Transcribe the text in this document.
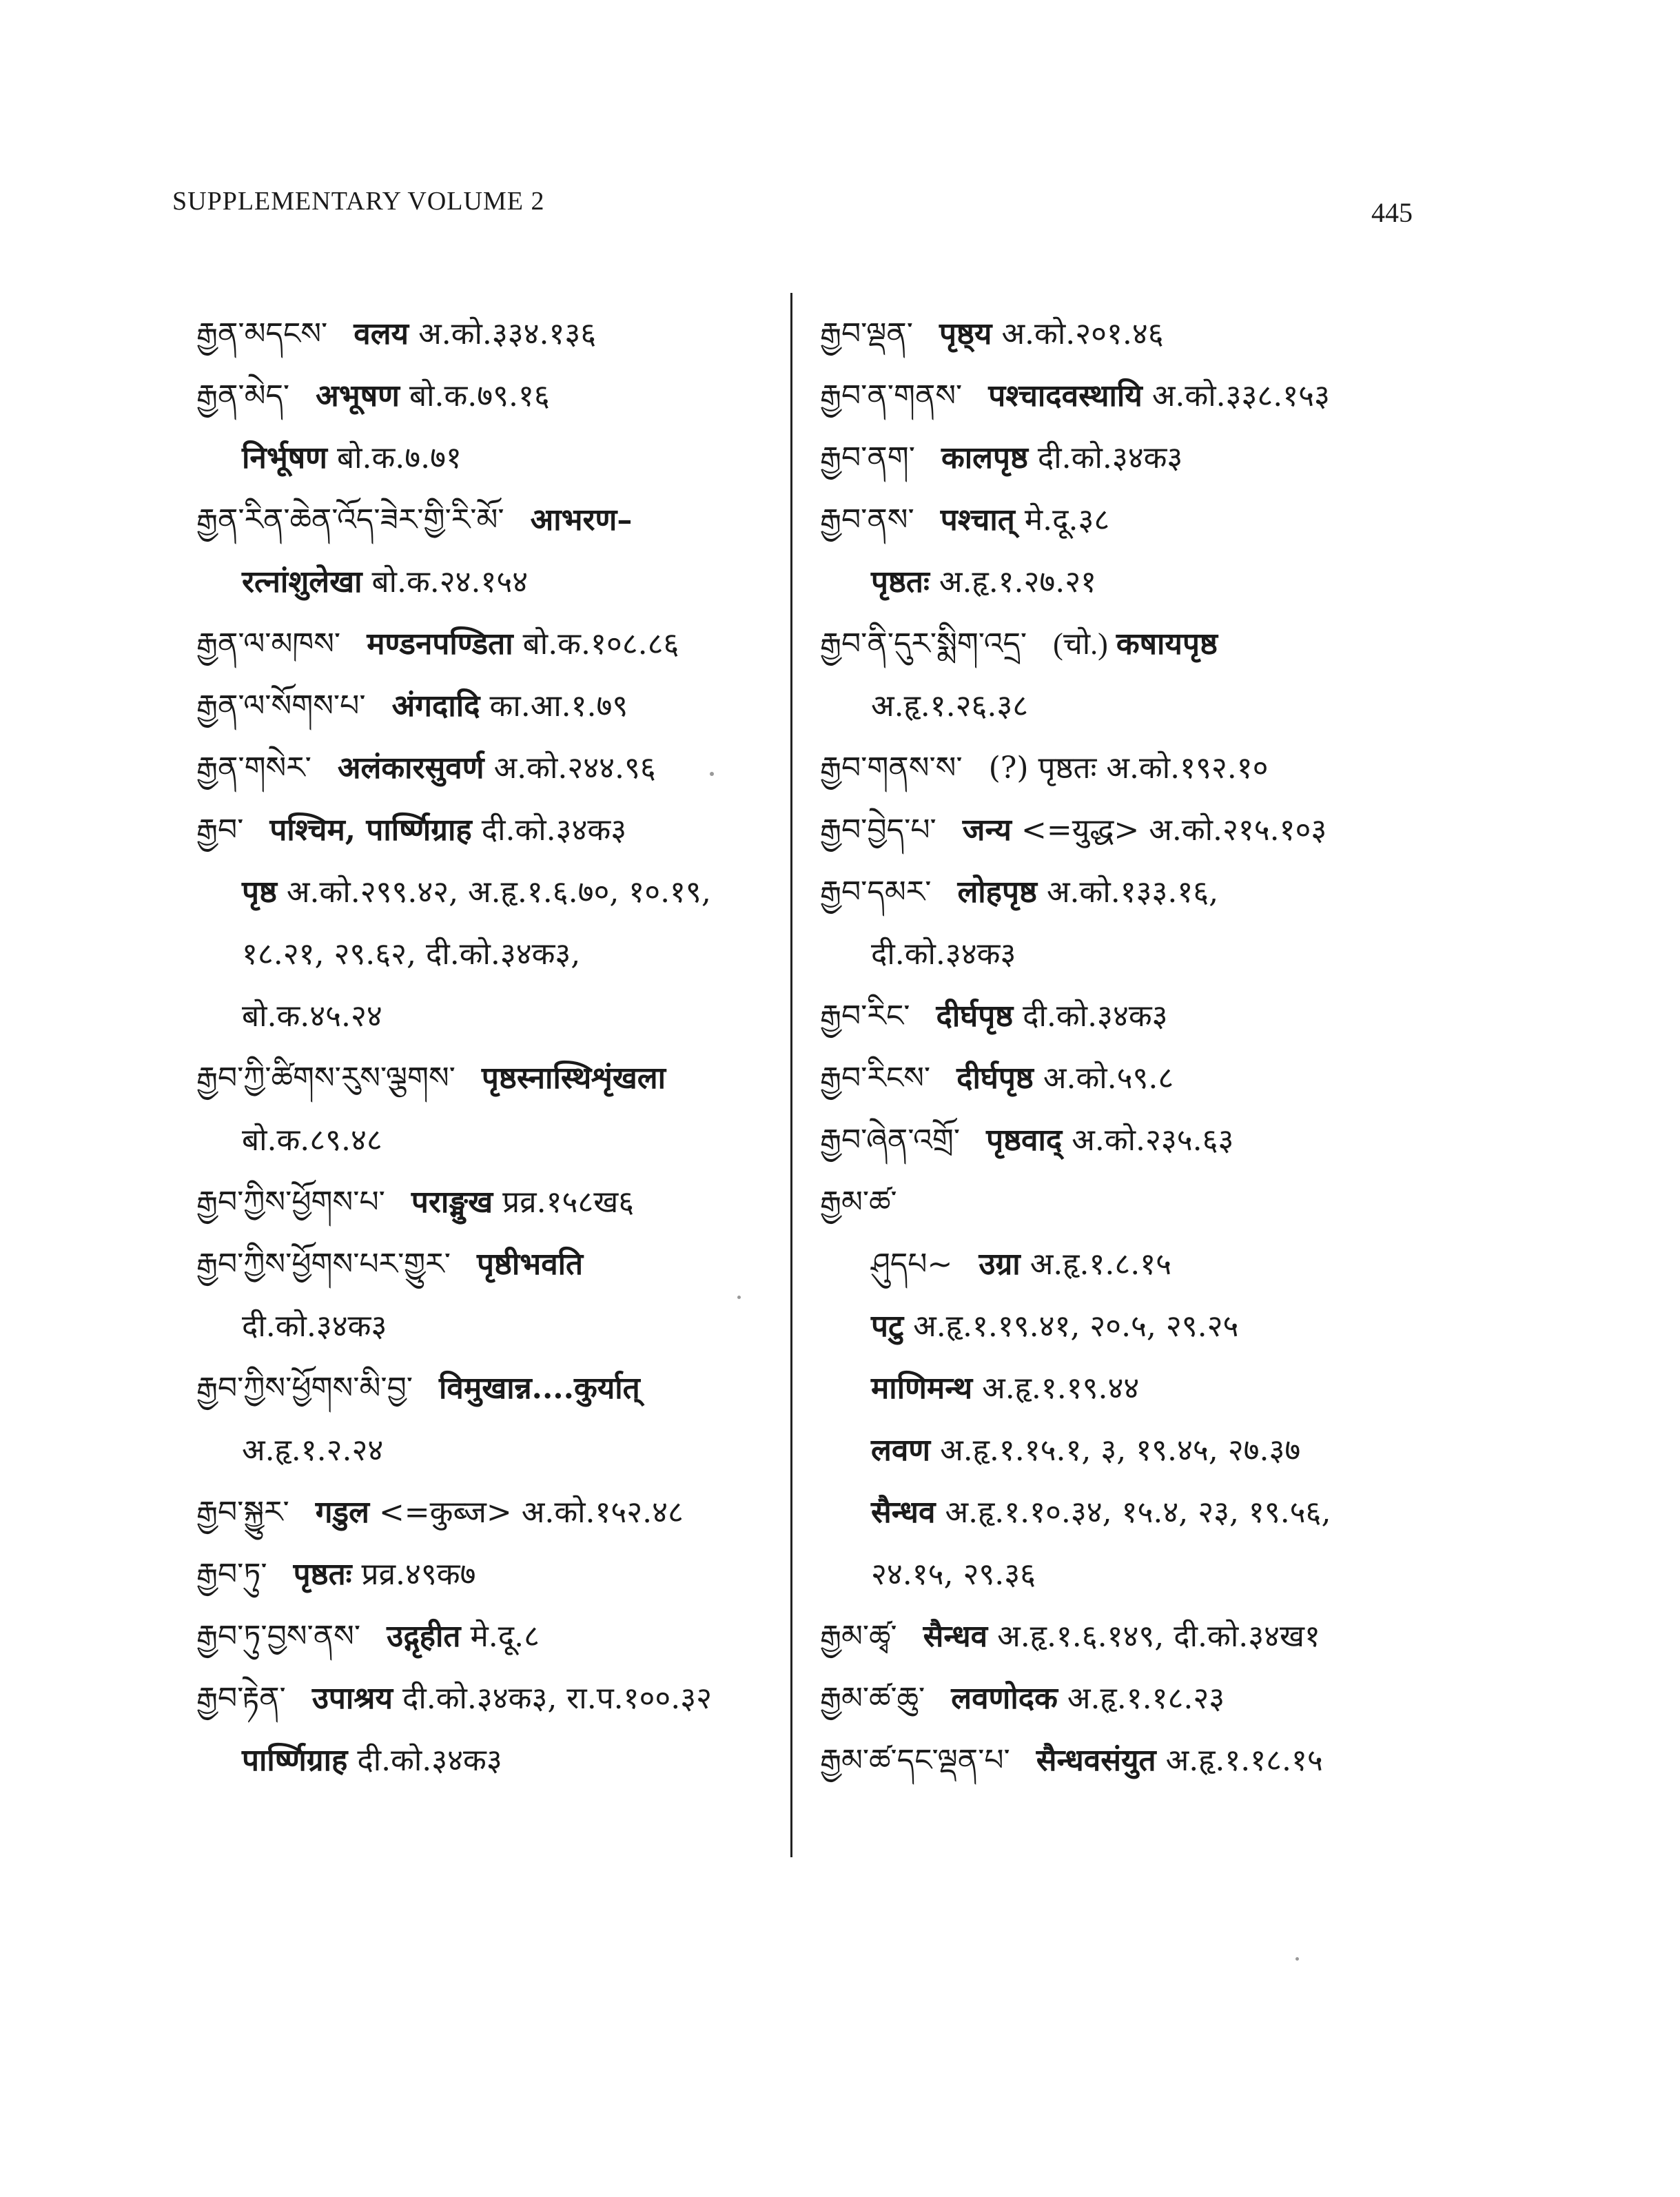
SUPPLEMENTARY VOLUME 2	445
རྒྱན་མདངས་ वलय अ.को.३३४.१३६
རྒྱན་མེད་ अभूषण बो.क.७९.१६
निर्भूषण बो.क.७.७१
རྒྱན་རིན་ཆེན་འོད་ཟེར་གྱི་རི་མོ་ आभरण–
रत्नांशुलेखा बो.क.२४.१५४
རྒྱན་ལ་མཁས་ मण्डनपण्डिता बो.क.१०८.८६
རྒྱན་ལ་སོགས་པ་ अंगदादि का.आ.१.७९
རྒྱན་གསེར་ अलंकारसुवर्ण अ.को.२४४.९६
རྒྱབ་ पश्चिम, पार्ष्णिग्राह दी.को.३४क३
पृष्ठ अ.को.२९९.४२, अ.हृ.१.६.७०, १०.१९,
१८.२१, २९.६२, दी.को.३४क३,
बो.क.४५.२४
རྒྱབ་ཀྱི་ཚིགས་རུས་ལྕགས་ पृष्ठस्नास्थिशृंखला
बो.क.८९.४८
རྒྱབ་ཀྱིས་ཕྱོགས་པ་ पराङ्मुख प्रव्र.१५८ख६
རྒྱབ་ཀྱིས་ཕྱོགས་པར་གྱུར་ पृष्ठीभवति
दी.को.३४क३
རྒྱབ་ཀྱིས་ཕྱོགས་མི་བྱ་ विमुखान्न....कुर्यात्
अ.हृ.१.२.२४
རྒྱབ་སྐྱུར་ गडुल <=कुब्ज> अ.को.१५२.४८
རྒྱབ་ཏུ་ पृष्ठतः प्रव्र.४९क७
རྒྱབ་ཏུ་བྱས་ནས་ उद्गृहीत मे.दू.८
རྒྱབ་རྟེན་ उपाश्रय दी.को.३४क३, रा.प.१००.३२
पार्ष्णिग्राह दी.को.३४क३
རྒྱབ་ལྡན་ पृष्ठ्य अ.को.२०१.४६
རྒྱབ་ན་གནས་ पश्चादवस्थायि अ.को.३३८.१५३
རྒྱབ་ནག་ कालपृष्ठ दी.को.३४क३
རྒྱབ་ནས་ पश्चात् मे.दू.३८
पृष्ठतः अ.हृ.१.२७.२१
རྒྱབ་ནི་དུར་སྨིག་འདྲ་ (चो.) कषायपृष्ठ
अ.हृ.१.२६.३८
རྒྱབ་གནས་ས་ (?) पृष्ठतः अ.को.१९२.१०
རྒྱབ་བྱེད་པ་ जन्य <=युद्ध> अ.को.२१५.१०३
རྒྱབ་དམར་ लोहपृष्ठ अ.को.१३३.१६,
दी.को.३४क३
རྒྱབ་རིང་ दीर्घपृष्ठ दी.को.३४क३
རྒྱབ་རིངས་ दीर्घपृष्ठ अ.को.५९.८
རྒྱབ་ཞེན་འགྲོ་ पृष्ठवाद् अ.को.२३५.६३
རྒྱམ་ཚ་
ཤུདཔ~ उग्रा अ.हृ.१.८.१५
पटु अ.हृ.१.१९.४१, २०.५, २९.२५
माणिमन्थ अ.हृ.१.१९.४४
लवण अ.हृ.१.१५.१, ३, १९.४५, २७.३७
सैन्धव अ.हृ.१.१०.३४, १५.४, २३, १९.५६,
२४.१५, २९.३६
རྒྱམ་ཚྭ་ सैन्धव अ.हृ.१.६.१४९, दी.को.३४ख१
རྒྱམ་ཚ་ཆུ་ लवणोदक अ.हृ.१.१८.२३
རྒྱམ་ཚ་དང་ལྡན་པ་ सैन्धवसंयुत अ.हृ.१.१८.१५
